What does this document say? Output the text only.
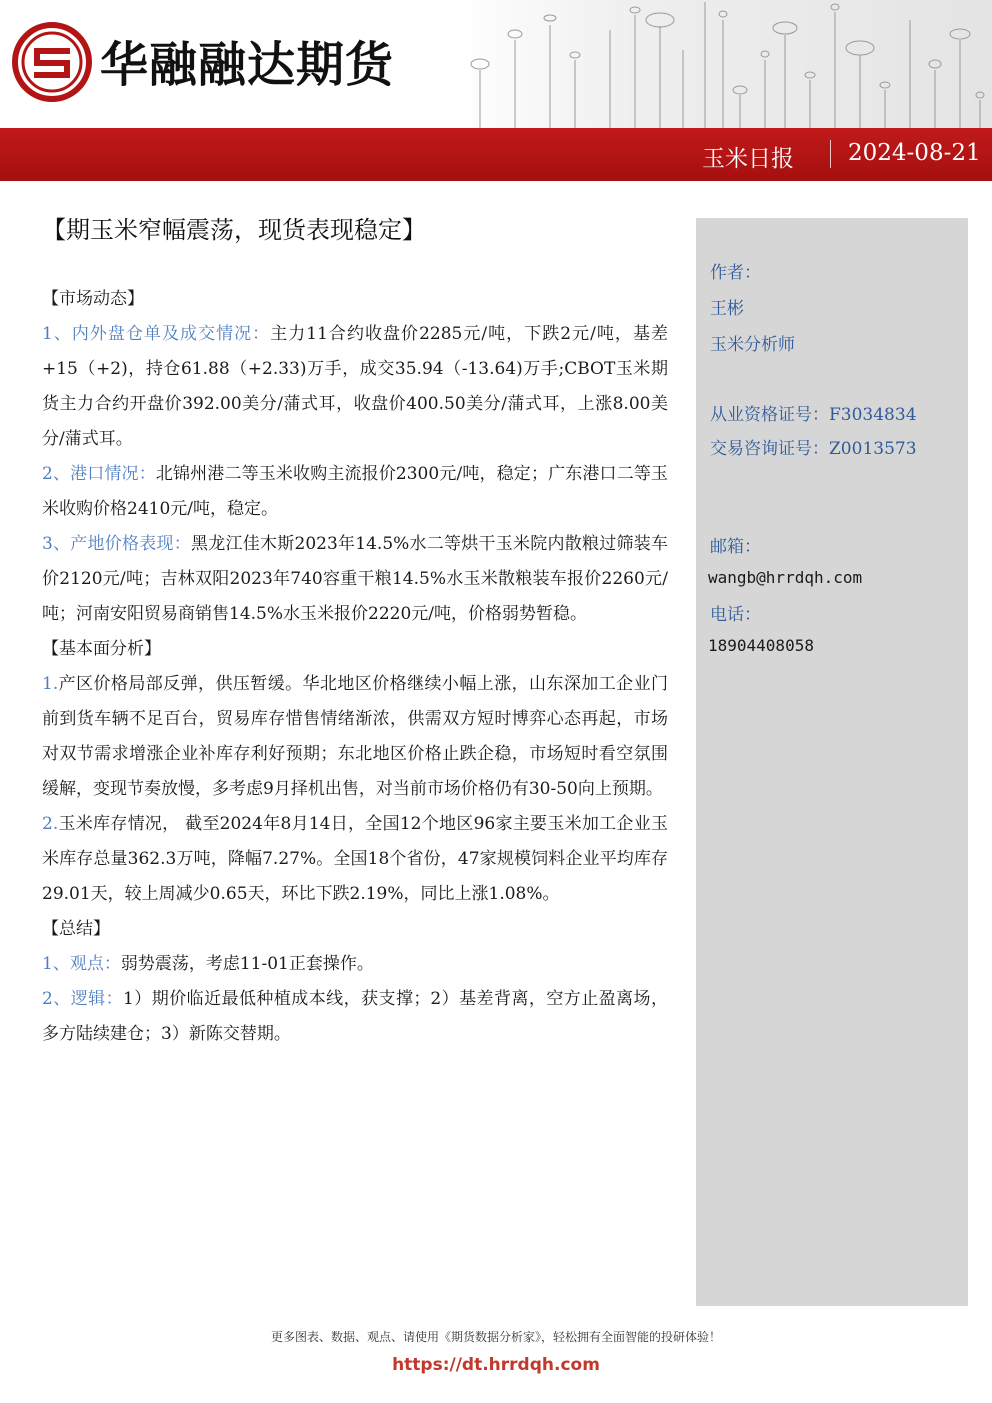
华融融达期货
玉米日报 2024-08-21
【期玉米窄幅震荡，现货表现稳定】
【市场动态】
1、内外盘仓单及成交情况：主力11合约收盘价2285元/吨，下跌2元/吨，基差+15（+2)，持仓61.88（+2.33)万手，成交35.94（-13.64)万手;CBOT玉米期货主力合约开盘价392.00美分/蒲式耳，收盘价400.50美分/蒲式耳，上涨8.00美分/蒲式耳。
2、港口情况：北锦州港二等玉米收购主流报价2300元/吨，稳定；广东港口二等玉米收购价格2410元/吨，稳定。
3、产地价格表现：黑龙江佳木斯2023年14.5%水二等烘干玉米院内散粮过筛装车价2120元/吨；吉林双阳2023年740容重干粮14.5%水玉米散粮装车报价2260元/吨；河南安阳贸易商销售14.5%水玉米报价2220元/吨，价格弱势暂稳。
【基本面分析】
1.产区价格局部反弹，供压暂缓。华北地区价格继续小幅上涨，山东深加工企业门前到货车辆不足百台，贸易库存惜售情绪渐浓，供需双方短时博弈心态再起，市场对双节需求增涨企业补库存利好预期；东北地区价格止跌企稳，市场短时看空氛围缓解，变现节奏放慢，多考虑9月择机出售，对当前市场价格仍有30-50向上预期。
2.玉米库存情况， 截至2024年8月14日，全国12个地区96家主要玉米加工企业玉米库存总量362.3万吨，降幅7.27%。全国18个省份，47家规模饲料企业平均库存29.01天，较上周减少0.65天，环比下跌2.19%，同比上涨1.08%。
【总结】
1、观点：弱势震荡，考虑11-01正套操作。
2、逻辑：1）期价临近最低种植成本线，获支撑；2）基差背离，空方止盈离场，多方陆续建仓；3）新陈交替期。
作者：
王彬
玉米分析师
从业资格证号：F3034834
交易咨询证号：Z0013573
邮箱：
wangb@hrrdqh.com
电话：
18904408058
更多图表、数据、观点、请使用《期货数据分析家》，轻松拥有全面智能的投研体验！
https://dt.hrrdqh.com
